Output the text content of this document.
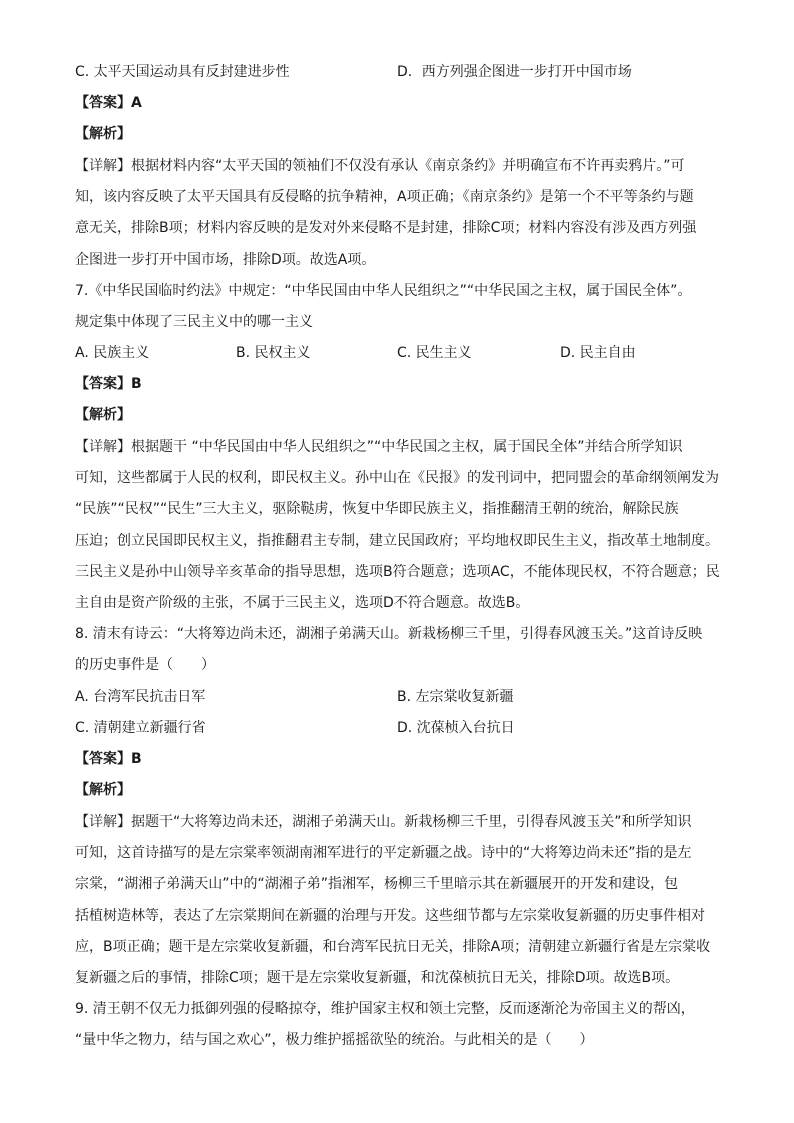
C. 太平天国运动具有反封建进步性	D．西方列强企图进一步打开中国市场
【答案】A
【解析】
【详解】根据材料内容“太平天国的领袖们不仅没有承认《南京条约》并明确宣布不许再卖鸦片。”可
知，该内容反映了太平天国具有反侵略的抗争精神，A项正确；《南京条约》是第一个不平等条约与题
意无关，排除B项；材料内容反映的是发对外来侵略不是封建，排除C项；材料内容没有涉及西方列强
企图进一步打开中国市场，排除D项。故选A项。
7.《中华民国临时约法》中规定：“中华民国由中华人民组织之”“中华民国之主权，属于国民全体”。
规定集中体现了三民主义中的哪一主义
A. 民族主义	B. 民权主义	C. 民生主义	D. 民主自由
【答案】B
【解析】
【详解】根据题干 “中华民国由中华人民组织之”“中华民国之主权，属于国民全体”并结合所学知识
可知，这些都属于人民的权利，即民权主义。孙中山在《民报》的发刊词中，把同盟会的革命纲领阐发为
“民族”“民权”“民生”三大主义，驱除鞑虏，恢复中华即民族主义，指推翻清王朝的统治，解除民族
压迫；创立民国即民权主义，指推翻君主专制，建立民国政府；平均地权即民生主义，指改革土地制度。
三民主义是孙中山领导辛亥革命的指导思想，选项B符合题意；选项AC，不能体现民权，不符合题意；民
主自由是资产阶级的主张，不属于三民主义，选项D不符合题意。故选B。
8. 清末有诗云：“大将筹边尚未还，湖湘子弟满天山。新栽杨柳三千里，引得春风渡玉关。”这首诗反映
的历史事件是（　　）
A. 台湾军民抗击日军	B. 左宗棠收复新疆
C. 清朝建立新疆行省	D. 沈葆桢入台抗日
【答案】B
【解析】
【详解】据题干“大将筹边尚未还，湖湘子弟满天山。新栽杨柳三千里，引得春风渡玉关”和所学知识
可知，这首诗描写的是左宗棠率领湖南湘军进行的平定新疆之战。诗中的“大将筹边尚未还”指的是左
宗棠，“湖湘子弟满天山”中的“湖湘子弟”指湘军，杨柳三千里暗示其在新疆展开的开发和建设，包
括植树造林等，表达了左宗棠期间在新疆的治理与开发。这些细节都与左宗棠收复新疆的历史事件相对
应，B项正确；题干是左宗棠收复新疆，和台湾军民抗日无关，排除A项；清朝建立新疆行省是左宗棠收
复新疆之后的事情，排除C项；题干是左宗棠收复新疆，和沈葆桢抗日无关，排除D项。故选B项。
9. 清王朝不仅无力抵御列强的侵略掠夺，维护国家主权和领土完整，反而逐渐沦为帝国主义的帮凶，
“量中华之物力，结与国之欢心”，极力维护摇摇欲坠的统治。与此相关的是（　　）
